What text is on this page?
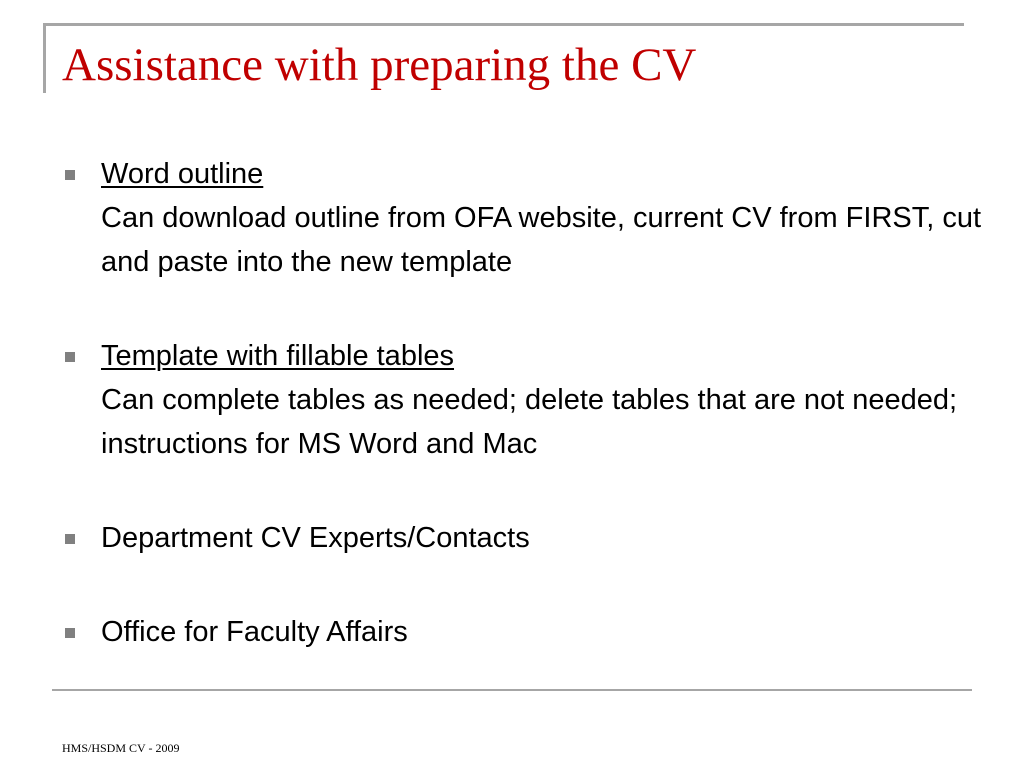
Assistance with preparing the CV
Word outline
Can download outline from OFA website, current CV from FIRST, cut and paste into the new template
Template with fillable tables
Can complete tables as needed; delete tables that are not needed; instructions for MS Word and Mac
Department CV Experts/Contacts
Office for Faculty Affairs
HMS/HSDM CV - 2009
